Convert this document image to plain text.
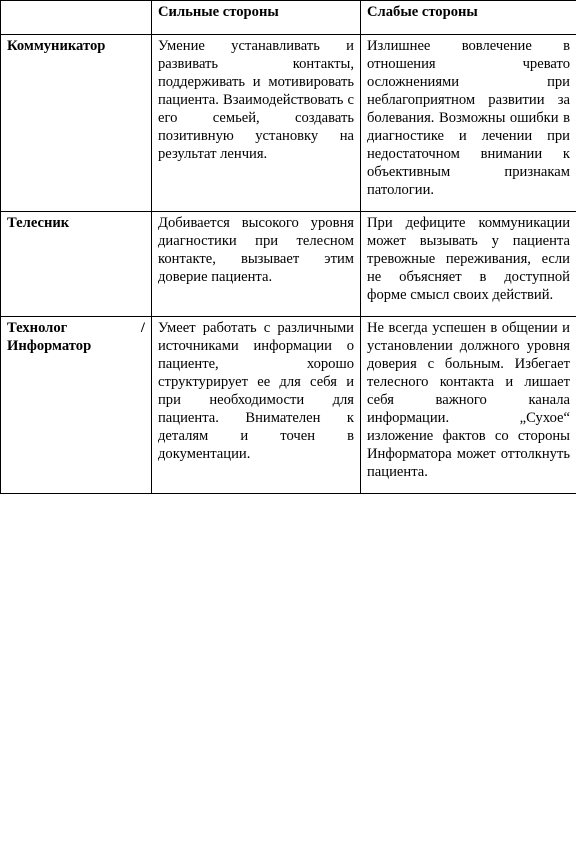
	Сильные стороны	Слабые стороны
Коммуникатор	Умение устанавливать и развивать контакты, поддерживать и мотивировать пациента. Взаимодействовать с его семьей, создавать позитивную установку на результат ленчия.	Излишнее вовлечение в отношения чревато осложнениями при неблагоприятном развитии за болевания. Возможны ошибки в диагностике и лечении при недостаточном внимании к объективным признакам патологии.
Телесник	Добивается высокого уровня диагностики при телесном контакте, вызывает этим доверие пациента.	При дефиците коммуникации может вызывать у пациента тревожные переживания, если не объясняет в доступной форме смысл своих действий.
Технолог / Информатор	Умеет работать с различными источниками информации о пациенте, хорошо структурирует ее для себя и при необходимости для пациента. Внимателен к деталям и точен в документации.	Не всегда успешен в общении и установлении должного уровня доверия с больным. Избегает телесного контакта и лишает себя важного канала информации. „Сухое“ изложение фактов со стороны Информатора может оттолкнуть пациента.
